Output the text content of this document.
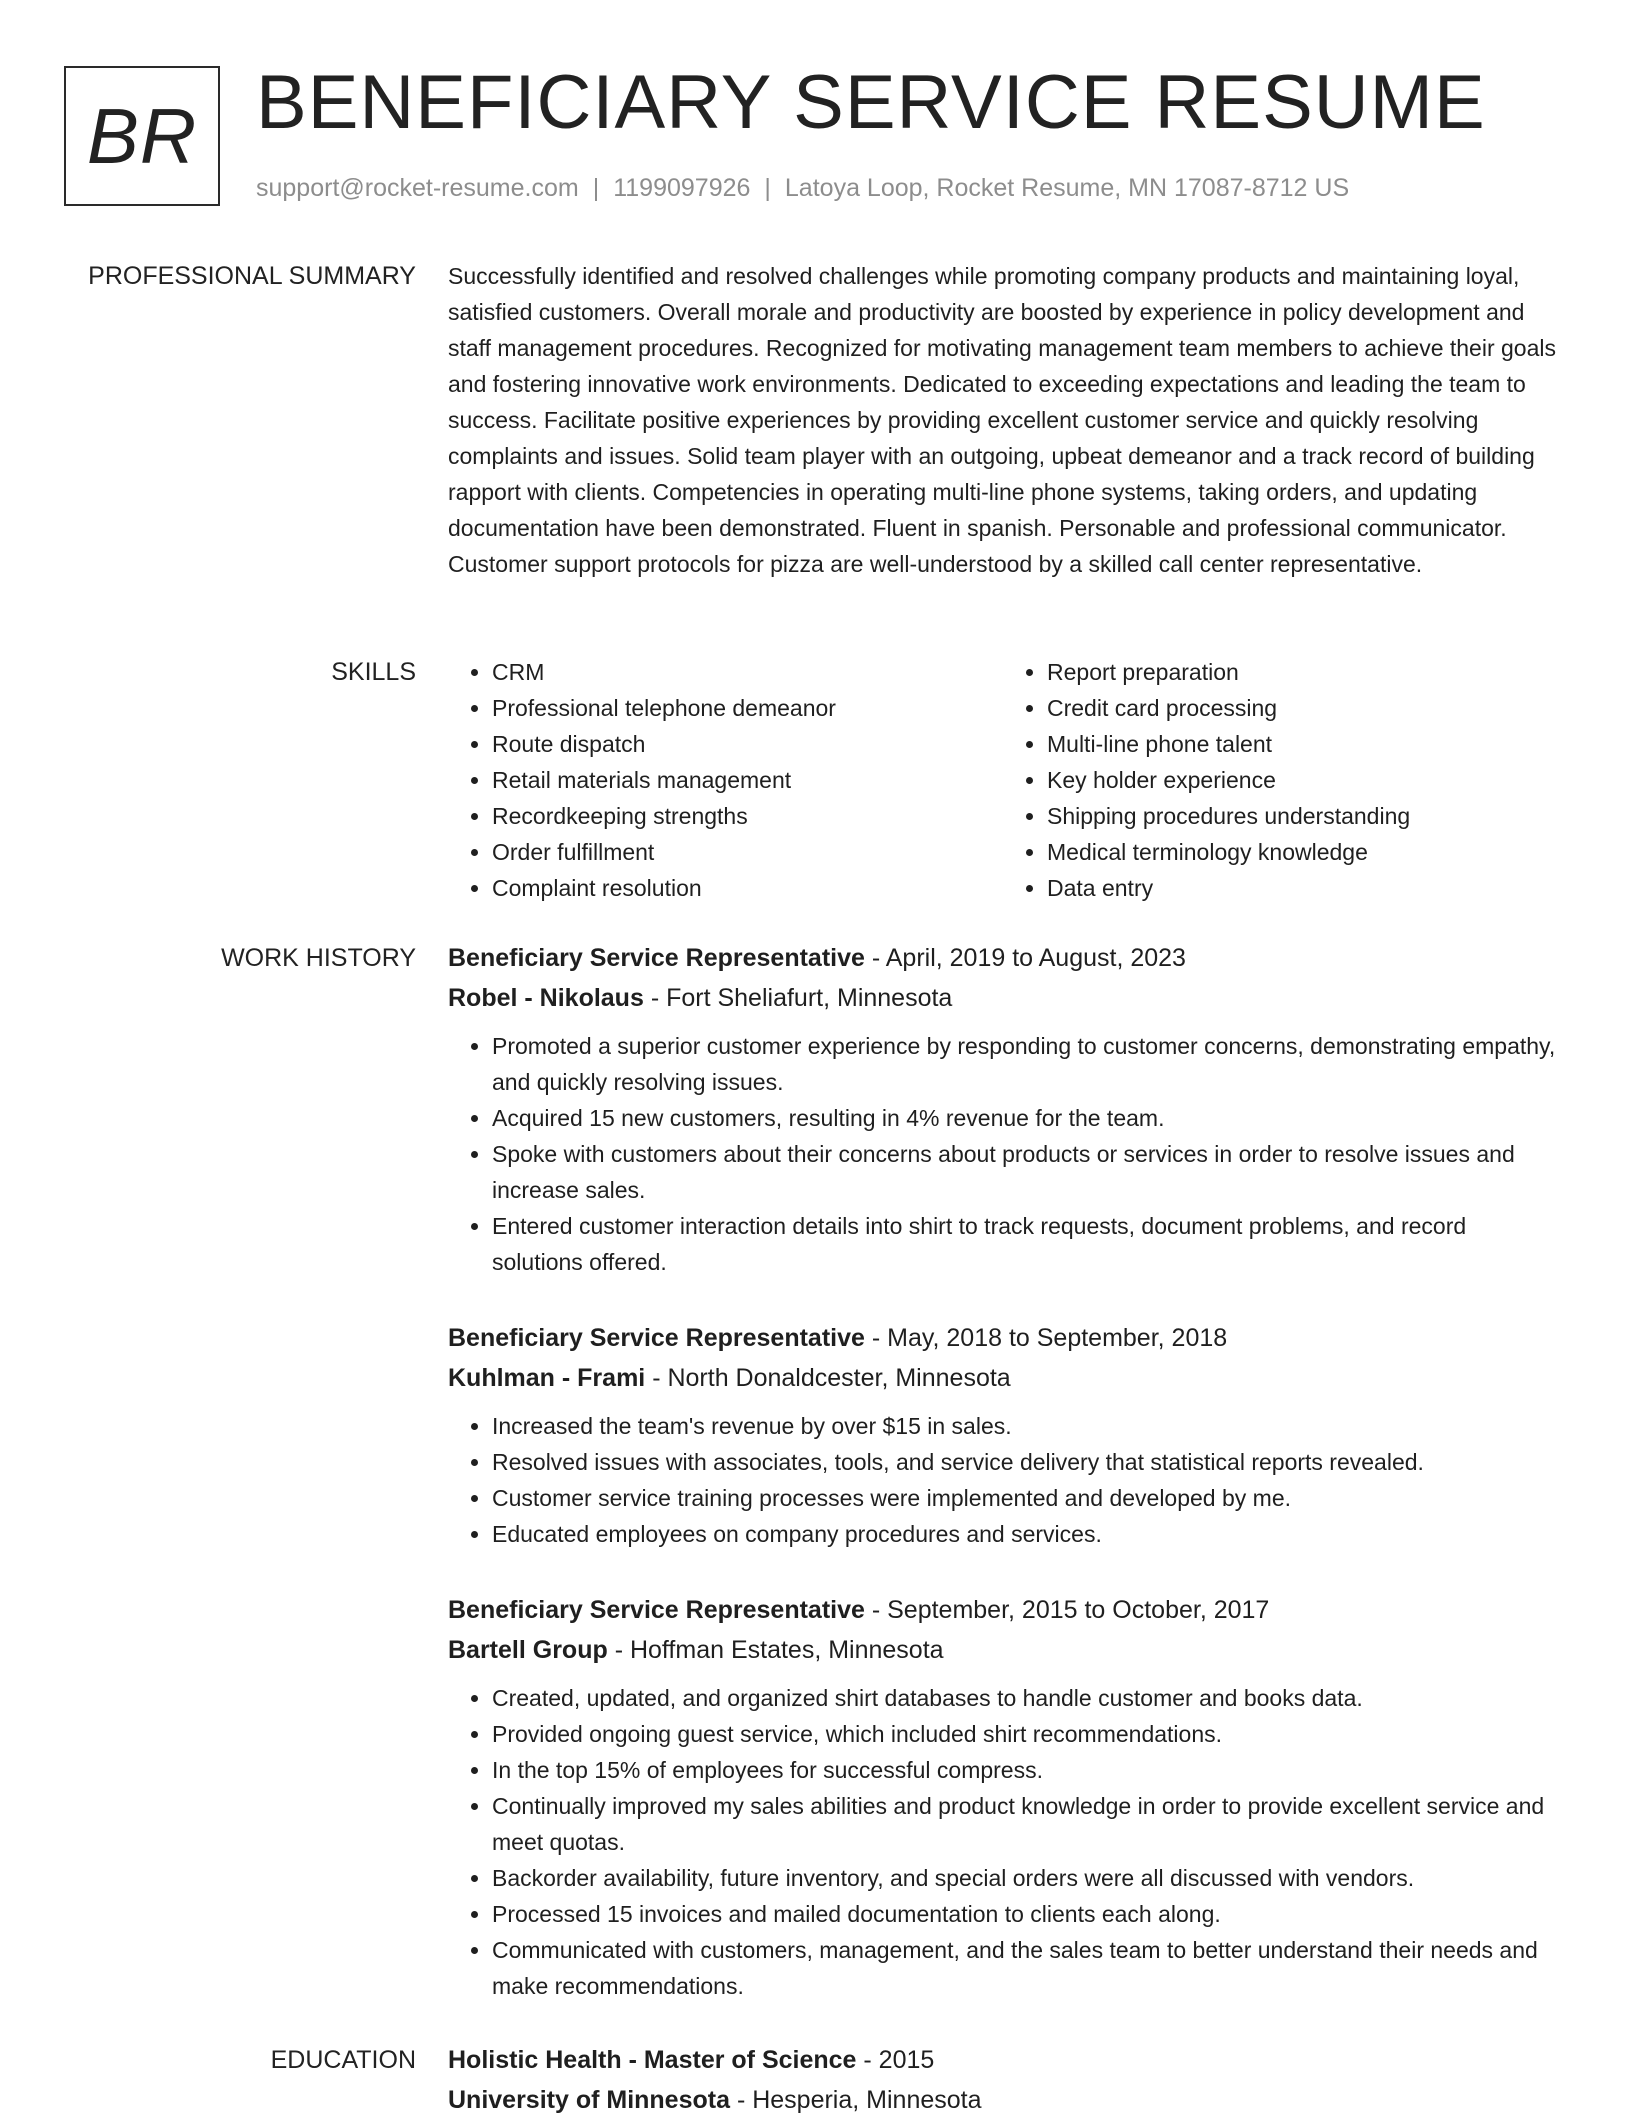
BR BENEFICIARY SERVICE RESUME
support@rocket-resume.com | 1199097926 | Latoya Loop, Rocket Resume, MN 17087-8712 US
PROFESSIONAL SUMMARY Successfully identified and resolved challenges while promoting company products and maintaining loyal, satisfied customers. Overall morale and productivity are boosted by experience in policy development and staff management procedures. Recognized for motivating management team members to achieve their goals and fostering innovative work environments. Dedicated to exceeding expectations and leading the team to success. Facilitate positive experiences by providing excellent customer service and quickly resolving complaints and issues. Solid team player with an outgoing, upbeat demeanor and a track record of building rapport with clients. Competencies in operating multi-line phone systems, taking orders, and updating documentation have been demonstrated. Fluent in spanish. Personable and professional communicator. Customer support protocols for pizza are well-understood by a skilled call center representative.

SKILLS
•	CRM
• Professional telephone demeanor
• Route dispatch
• Retail materials management
• Recordkeeping strengths
• Order fulfillment
• Complaint resolution
• Report preparation
• Credit card processing
• Multi-line phone talent
• Key holder experience
• Shipping procedures understanding
• Medical terminology knowledge
• Data entry
WORK HISTORY Beneficiary Service Representative - April, 2019 to August, 2023
Robel - Nikolaus - Fort Sheliafurt, Minnesota
• Promoted a superior customer experience by responding to customer concerns, demonstrating empathy, and quickly resolving issues.
• Acquired 15 new customers, resulting in 4% revenue for the team.
• Spoke with customers about their concerns about products or services in order to resolve issues and increase sales.
• Entered customer interaction details into shirt to track requests, document problems, and record solutions offered.
Beneficiary Service Representative - May, 2018 to September, 2018
Kuhlman - Frami - North Donaldcester, Minnesota
• Increased the team's revenue by over $15 in sales.
• Resolved issues with associates, tools, and service delivery that statistical reports revealed.
• Customer service training processes were implemented and developed by me.
• Educated employees on company procedures and services.
Beneficiary Service Representative - September, 2015 to October, 2017
Bartell Group - Hoffman Estates, Minnesota
• Created, updated, and organized shirt databases to handle customer and books data.
• Provided ongoing guest service, which included shirt recommendations.
• In the top 15% of employees for successful compress.
• Continually improved my sales abilities and product knowledge in order to provide excellent service and meet quotas.
• Backorder availability, future inventory, and special orders were all discussed with vendors.
• Processed 15 invoices and mailed documentation to clients each along.
• Communicated with customers, management, and the sales team to better understand their needs and make recommendations.
EDUCATION Holistic Health - Master of Science - 2015
University of Minnesota - Hesperia, Minnesota
